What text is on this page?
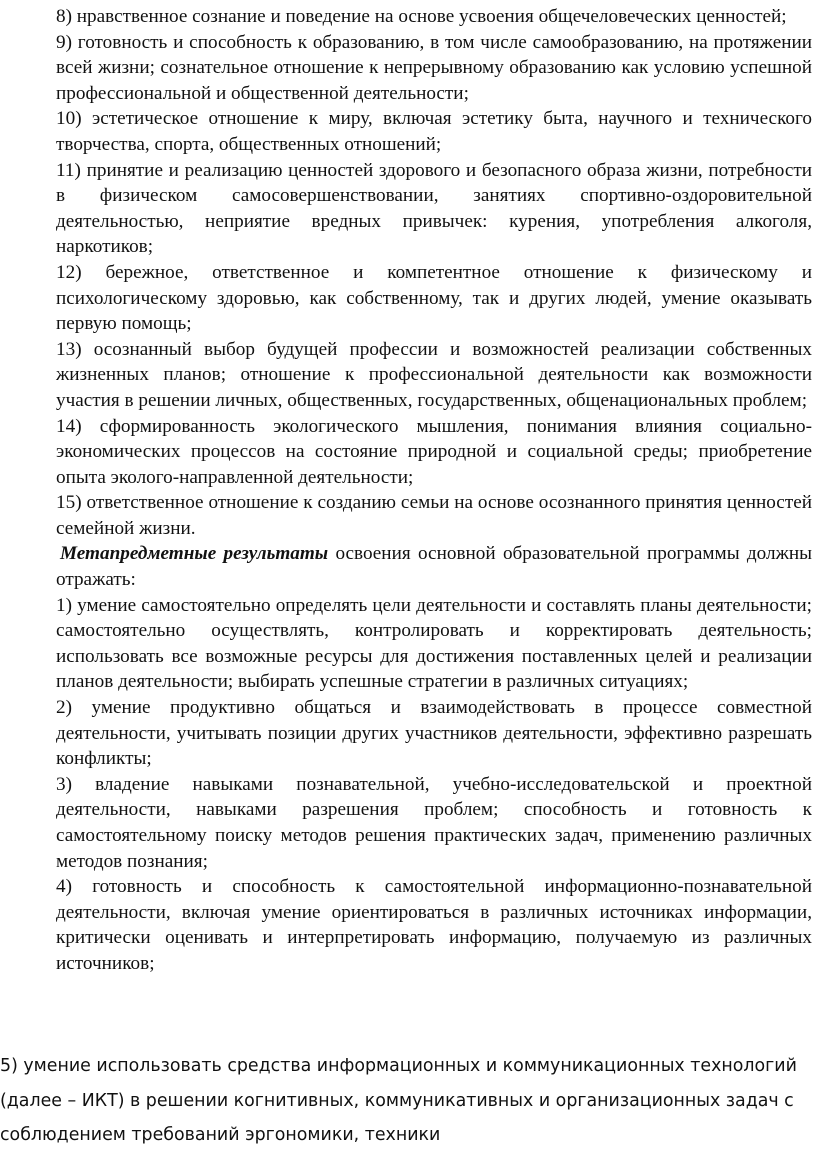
8) нравственное сознание и поведение на основе усвоения общечеловеческих ценностей;

9) готовность и способность к образованию, в том числе самообразованию, на протяжении всей жизни; сознательное отношение к непрерывному образованию как условию успешной профессиональной и общественной деятельности;

10) эстетическое отношение к миру, включая эстетику быта, научного и технического творчества, спорта, общественных отношений;

11) принятие и реализацию ценностей здорового и безопасного образа жизни, потребности в физическом самосовершенствовании, занятиях спортивно-оздоровительной деятельностью, неприятие вредных привычек: курения, употребления алкоголя, наркотиков;

12) бережное, ответственное и компетентное отношение к физическому и психологическому здоровью, как собственному, так и других людей, умение оказывать первую помощь;

13) осознанный выбор будущей профессии и возможностей реализации собственных жизненных планов; отношение к профессиональной деятельности как возможности участия в решении личных, общественных, государственных, общенациональных проблем;

14) сформированность экологического мышления, понимания влияния социально-экономических процессов на состояние природной и социальной среды; приобретение опыта эколого-направленной деятельности;

15) ответственное отношение к созданию семьи на основе осознанного принятия ценностей семейной жизни.

Метапредметные результаты освоения основной образовательной программы должны отражать:

1) умение самостоятельно определять цели деятельности и составлять планы деятельности; самостоятельно осуществлять, контролировать и корректировать деятельность; использовать все возможные ресурсы для достижения поставленных целей и реализации планов деятельности; выбирать успешные стратегии в различных ситуациях;

2) умение продуктивно общаться и взаимодействовать в процессе совместной деятельности, учитывать позиции других участников деятельности, эффективно разрешать конфликты;

3) владение навыками познавательной, учебно-исследовательской и проектной деятельности, навыками разрешения проблем; способность и готовность к самостоятельному поиску методов решения практических задач, применению различных методов познания;

4) готовность и способность к самостоятельной информационно-познавательной деятельности, включая умение ориентироваться в различных источниках информации, критически оценивать и интерпретировать информацию, получаемую из различных источников;

5) умение использовать средства информационных и коммуникационных технологий (далее – ИКТ) в решении когнитивных, коммуникативных и организационных задач с соблюдением требований эргономики, техники
